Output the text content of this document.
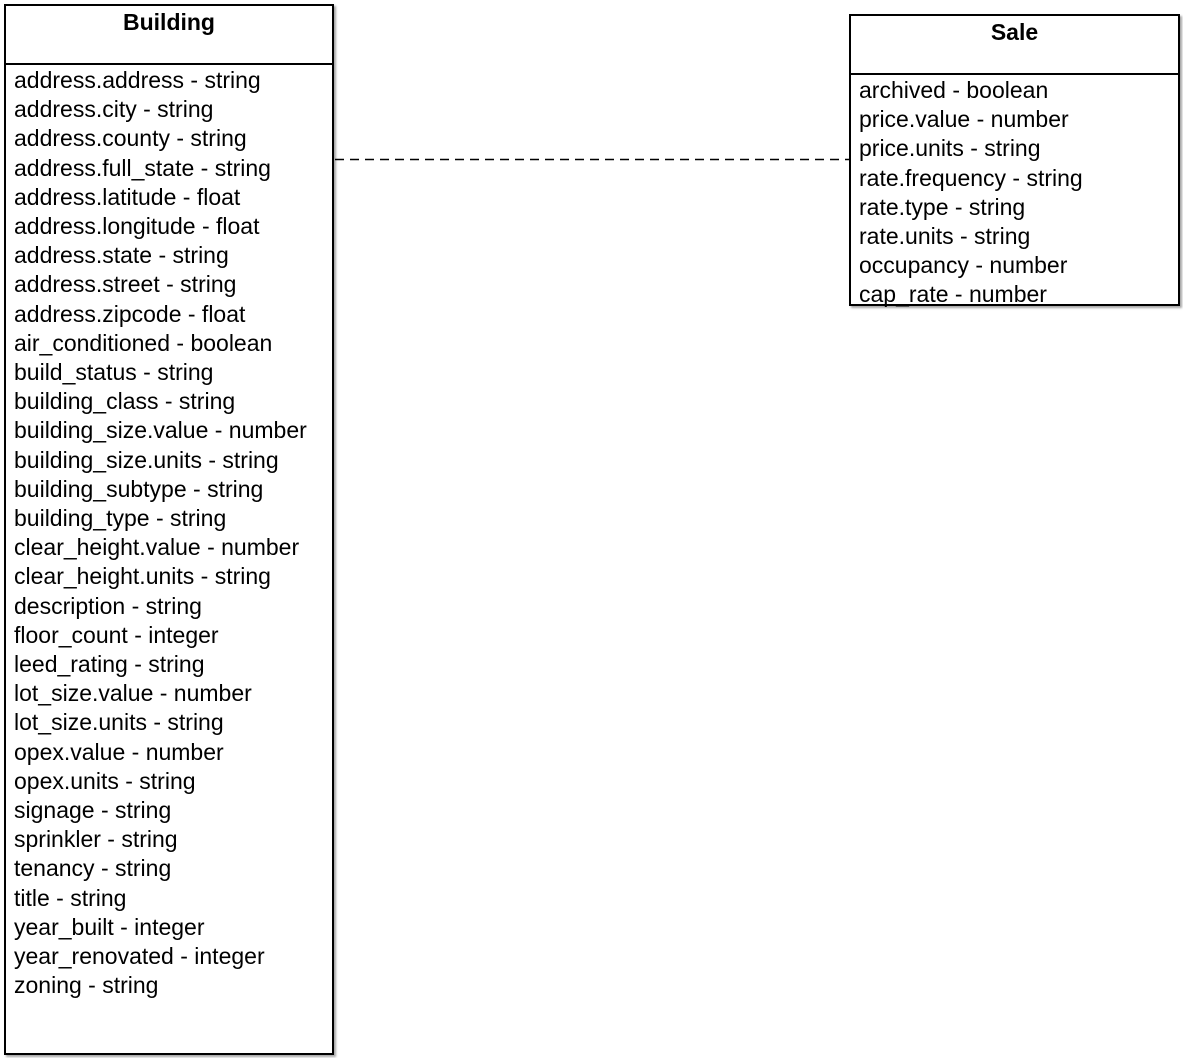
Building
address.address - string
address.city - string
address.county - string
address.full_state - string
address.latitude - float
address.longitude - float
address.state - string
address.street - string
address.zipcode - float
air_conditioned - boolean
build_status - string
building_class - string
building_size.value - number
building_size.units - string
building_subtype - string
building_type - string
clear_height.value - number
clear_height.units - string
description - string
floor_count - integer
leed_rating - string
lot_size.value - number
lot_size.units - string
opex.value - number
opex.units - string
signage - string
sprinkler - string
tenancy - string
title - string
year_built - integer
year_renovated - integer
zoning - string
Sale
archived - boolean
price.value - number
price.units - string
rate.frequency - string
rate.type - string
rate.units - string
occupancy - number
cap_rate - number
